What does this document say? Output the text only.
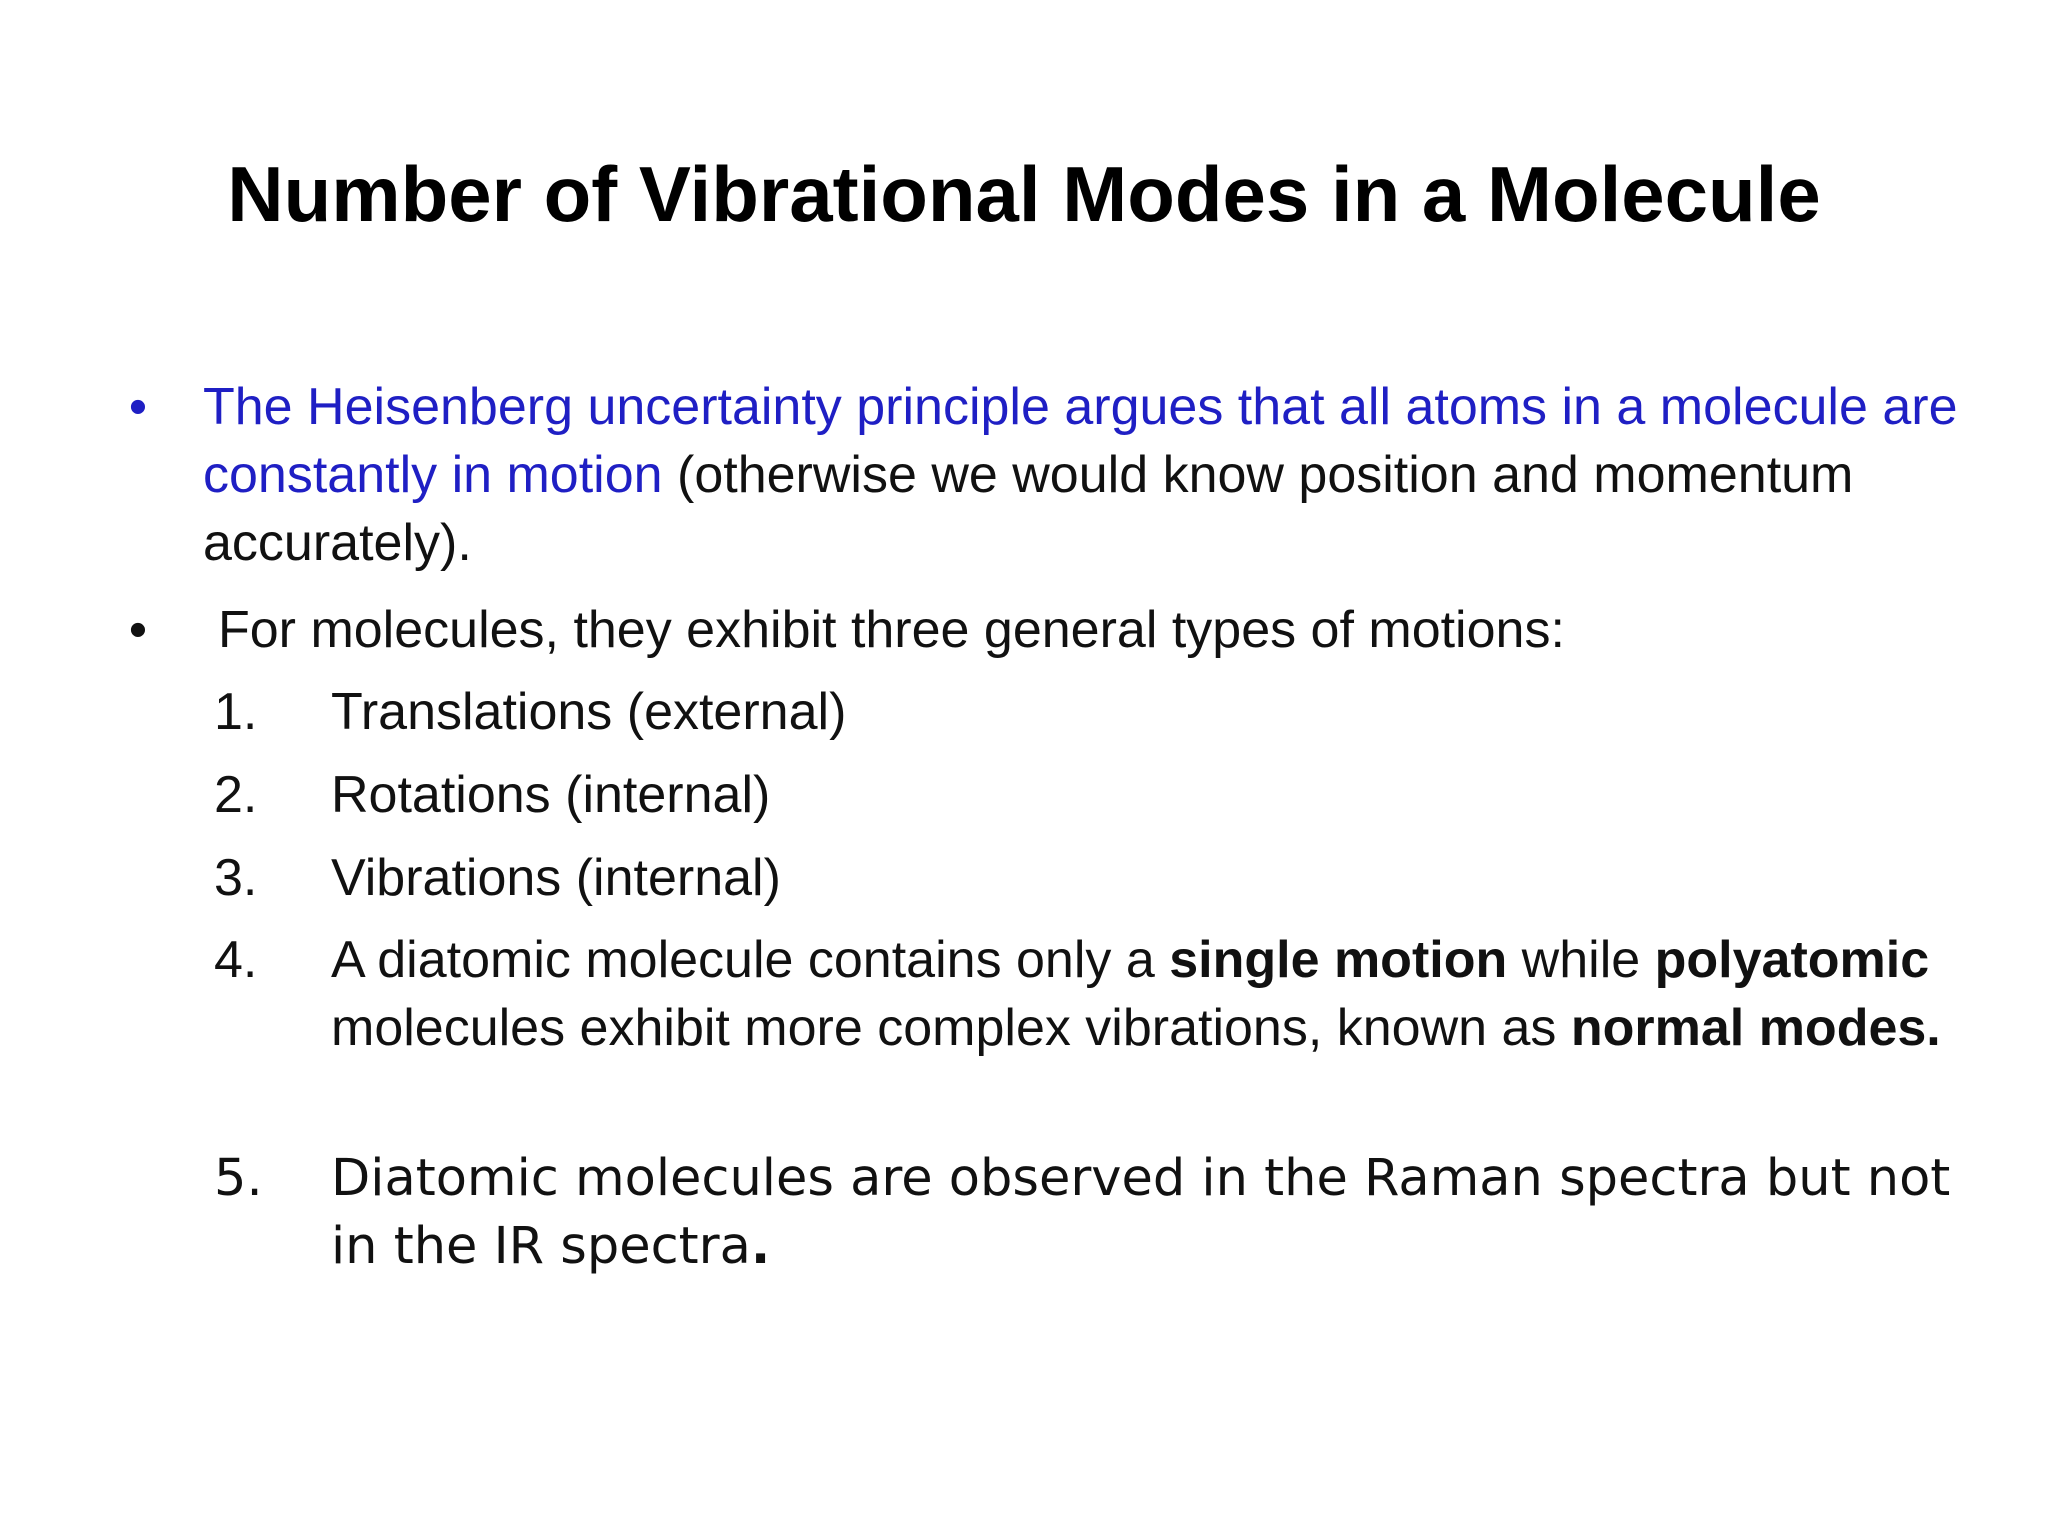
Number of Vibrational Modes in a Molecule
• The Heisenberg uncertainty principle argues that all atoms in a molecule are constantly in motion (otherwise we would know position and momentum accurately).
• For molecules, they exhibit three general types of motions:
1.	Translations (external)
2.	Rotations (internal)
3.	Vibrations (internal)
4.	A diatomic molecule contains only a single motion while polyatomic molecules exhibit more complex vibrations, known as normal modes.
5.	Diatomic molecules are observed in the Raman spectra but not in the IR spectra.
